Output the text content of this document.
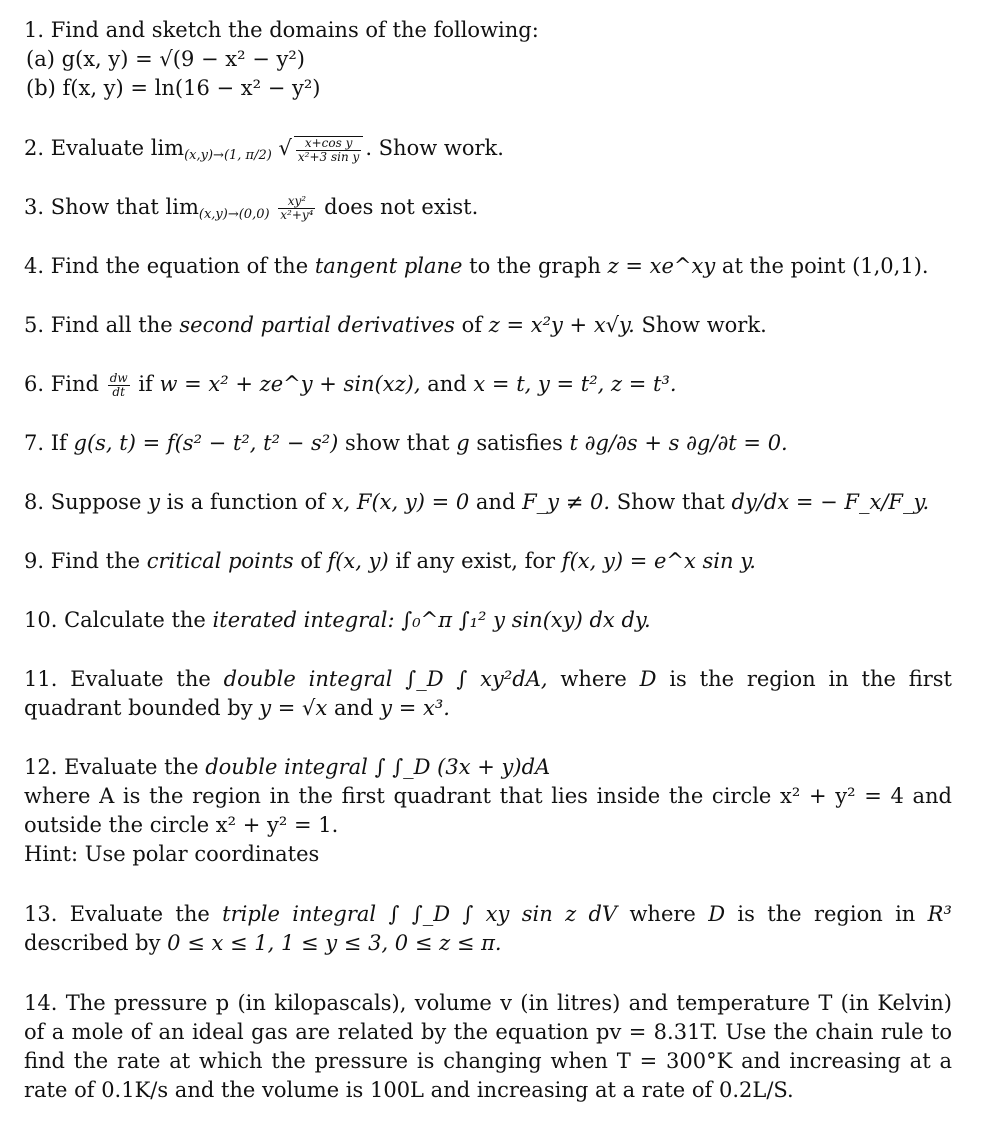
1. Find and sketch the domains of the following:
(a) g(x, y) = √(9 − x² − y²)
(b) f(x, y) = ln(16 − x² − y²)
2. Evaluate $\lim_{(x,y)\to(1, \pi/2)}$ √ $\frac{\text{x+cos y}}{\text{x²+3 sin y}}$ . Show work.
3. Show that $\lim_{(x,y)\to(0,0)} \frac{\text{xy²}}{\text{x²+y⁴}}$ does not exist.
4. Find the equation of the tangent plane to the graph z = xe^xy at the point (1,0,1).
5. Find all the second partial derivatives of z = x²y + x√y. Show work.
6. Find $\frac{dw}{dt}$ if w = x² + ze^y + sin(xz), and x = t, y = t², z = t³.
7. If g(s, t) = f(s² − t², t² − s²) show that g satisfies t ∂g/∂s + s ∂g/∂t = 0.
8. Suppose y is a function of x, F(x, y) = 0 and F_y ≠ 0. Show that dy/dx = − F_x/F_y.
9. Find the critical points of f(x, y) if any exist, for f(x, y) = e^x sin y.
10. Calculate the iterated integral: ∫₀^π ∫₁² y sin(xy) dx dy.
11. Evaluate the double integral ∫_D ∫ xy²dA, where D is the region in the first quadrant bounded by y = √x and y = x³.
12. Evaluate the double integral ∫ ∫_D (3x + y)dA
where A is the region in the first quadrant that lies inside the circle x² + y² = 4 and outside the circle x² + y² = 1.
Hint: Use polar coordinates
13. Evaluate the triple integral ∫ ∫_D ∫ xy sin z dV where D is the region in R³ described by 0 ≤ x ≤ 1, 1 ≤ y ≤ 3, 0 ≤ z ≤ π.
14. The pressure p (in kilopascals), volume v (in litres) and temperature T (in Kelvin) of a mole of an ideal gas are related by the equation pv = 8.31T. Use the chain rule to find the rate at which the pressure is changing when T = 300°K and increasing at a rate of 0.1K/s and the volume is 100L and increasing at a rate of 0.2L/S.
